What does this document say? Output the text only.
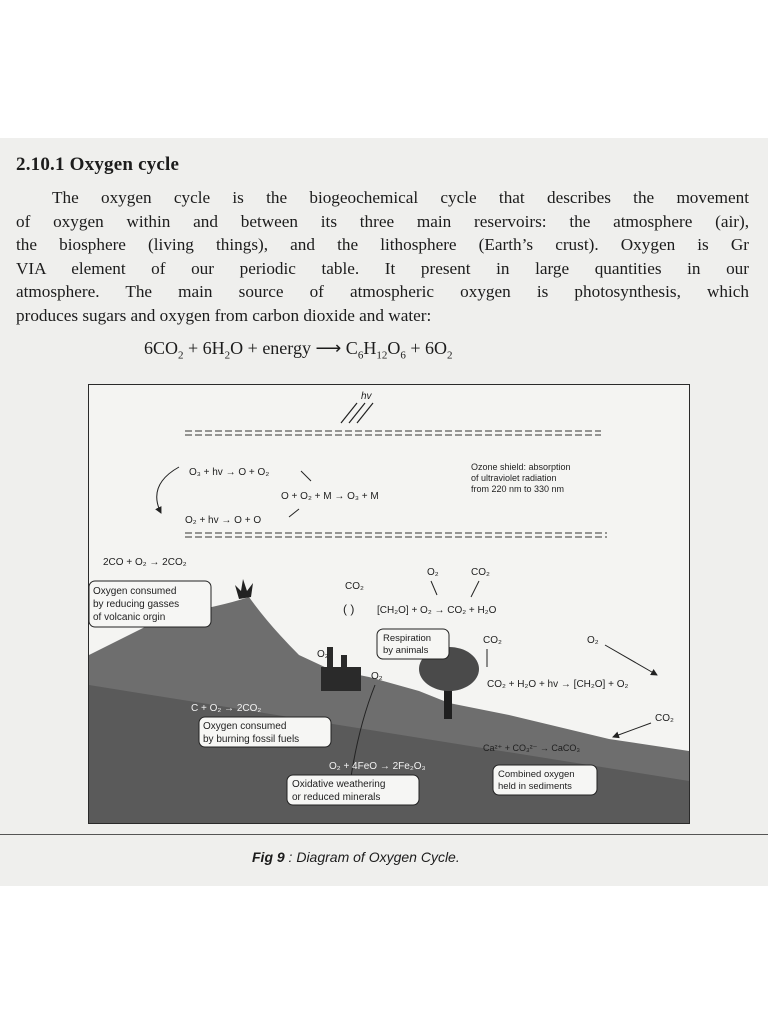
2.10.1 Oxygen cycle
The oxygen cycle is the biogeochemical cycle that describes the movement
of oxygen within and between its three main reservoirs: the atmosphere (air),
the biosphere (living things), and the lithosphere (Earth’s crust). Oxygen is Gr
VIA element of our periodic table. It present in large quantities in our
atmosphere. The main source of atmospheric oxygen is photosynthesis, which
produces sugars and oxygen from carbon dioxide and water:
$6CO_2 + 6H_2O$ + energy ⟶ $C_6H_{12}O_6 + 6O_2$
hv
O₃ + hv → O + O₂
O + O₂ + M → O₃ + M
O₂ + hv → O + O
Ozone shield: absorption
of ultraviolet radiation
from 220 nm to 330 nm
2CO + O₂ → 2CO₂
Oxygen consumed
by reducing gasses
of volcanic orgin
CO₂
O₂	CO₂
( ) [CH₂O] + O₂ → CO₂ + H₂O
Respiration
by animals
CO₂	O₂
O₂
O₂
CO₂ + H₂O + hv → [CH₂O] + O₂
CO₂
C + O₂ → 2CO₂
Oxygen consumed
by burning fossil fuels
O₂ + 4FeO → 2Fe₂O₃
Oxidative weathering
or reduced minerals
Ca²⁺ + CO₃²⁻ → CaCO₃
Combined oxygen
held in sediments
Fig 9 : Diagram of Oxygen Cycle.
